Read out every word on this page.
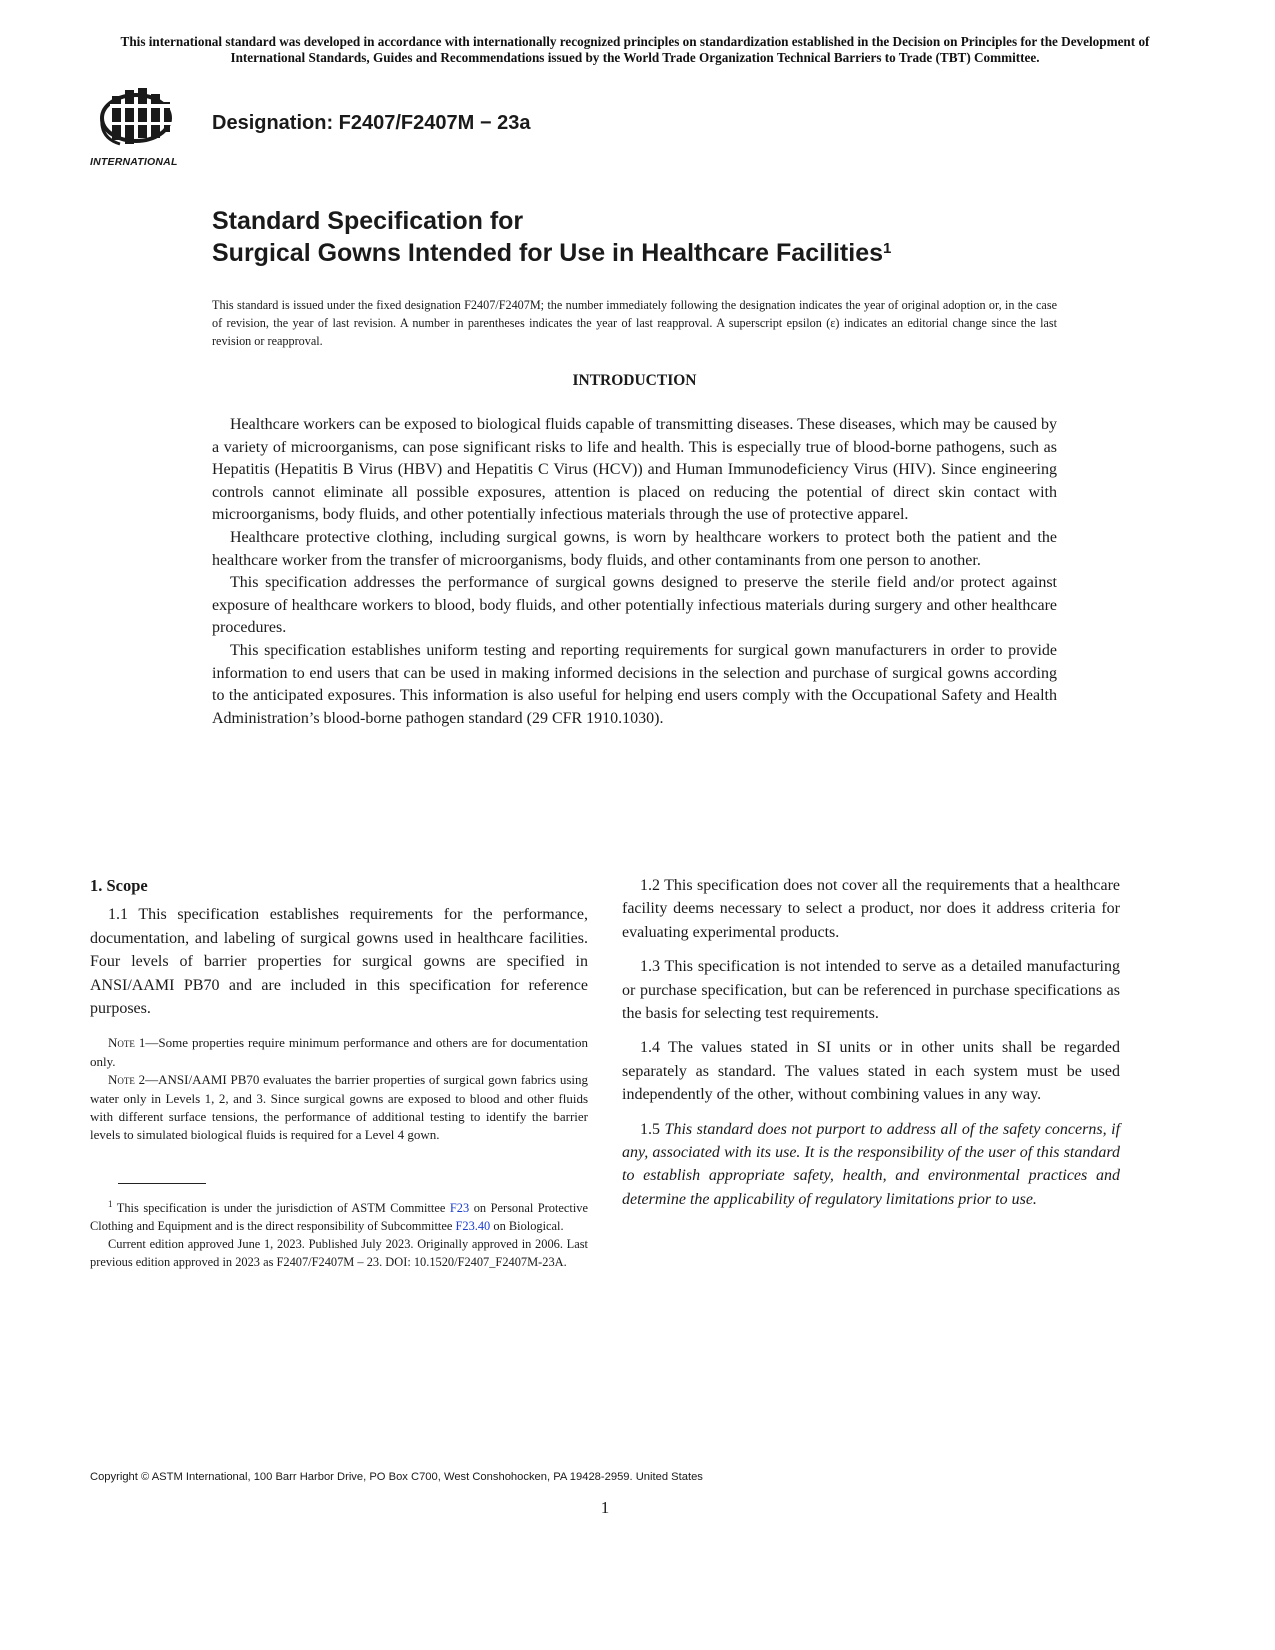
This international standard was developed in accordance with internationally recognized principles on standardization established in the Decision on Principles for the Development of International Standards, Guides and Recommendations issued by the World Trade Organization Technical Barriers to Trade (TBT) Committee.
INTERNATIONAL
Designation: F2407/F2407M − 23a
Standard Specification for
Surgical Gowns Intended for Use in Healthcare Facilities$^1$
This standard is issued under the fixed designation F2407/F2407M; the number immediately following the designation indicates the year of original adoption or, in the case of revision, the year of last revision. A number in parentheses indicates the year of last reapproval. A superscript epsilon (ε) indicates an editorial change since the last revision or reapproval.
INTRODUCTION

Healthcare workers can be exposed to biological fluids capable of transmitting diseases. These diseases, which may be caused by a variety of microorganisms, can pose significant risks to life and health. This is especially true of blood-borne pathogens, such as Hepatitis (Hepatitis B Virus (HBV) and Hepatitis C Virus (HCV)) and Human Immunodeficiency Virus (HIV). Since engineering controls cannot eliminate all possible exposures, attention is placed on reducing the potential of direct skin contact with microorganisms, body fluids, and other potentially infectious materials through the use of protective apparel.

Healthcare protective clothing, including surgical gowns, is worn by healthcare workers to protect both the patient and the healthcare worker from the transfer of microorganisms, body fluids, and other contaminants from one person to another.

This specification addresses the performance of surgical gowns designed to preserve the sterile field and/or protect against exposure of healthcare workers to blood, body fluids, and other potentially infectious materials during surgery and other healthcare procedures.

This specification establishes uniform testing and reporting requirements for surgical gown manufacturers in order to provide information to end users that can be used in making informed decisions in the selection and purchase of surgical gowns according to the anticipated exposures. This information is also useful for helping end users comply with the Occupational Safety and Health Administration’s blood-borne pathogen standard (29 CFR 1910.1030).

1. Scope

1.1 This specification establishes requirements for the performance, documentation, and labeling of surgical gowns used in healthcare facilities. Four levels of barrier properties for surgical gowns are specified in ANSI/AAMI PB70 and are included in this specification for reference purposes.

Note 1—Some properties require minimum performance and others are for documentation only.

Note 2—ANSI/AAMI PB70 evaluates the barrier properties of surgical gown fabrics using water only in Levels 1, 2, and 3. Since surgical gowns are exposed to blood and other fluids with different surface tensions, the performance of additional testing to identify the barrier levels to simulated biological fluids is required for a Level 4 gown.

$^1$ This specification is under the jurisdiction of ASTM Committee F23 on Personal Protective Clothing and Equipment and is the direct responsibility of Subcommittee F23.40 on Biological.

Current edition approved June 1, 2023. Published July 2023. Originally approved in 2006. Last previous edition approved in 2023 as F2407/F2407M – 23. DOI: 10.1520/F2407_F2407M-23A.

1.2 This specification does not cover all the requirements that a healthcare facility deems necessary to select a product, nor does it address criteria for evaluating experimental products.

1.3 This specification is not intended to serve as a detailed manufacturing or purchase specification, but can be referenced in purchase specifications as the basis for selecting test requirements.

1.4 The values stated in SI units or in other units shall be regarded separately as standard. The values stated in each system must be used independently of the other, without combining values in any way.

1.5 This standard does not purport to address all of the safety concerns, if any, associated with its use. It is the responsibility of the user of this standard to establish appropriate safety, health, and environmental practices and determine the applicability of regulatory limitations prior to use.

Copyright © ASTM International, 100 Barr Harbor Drive, PO Box C700, West Conshohocken, PA 19428-2959. United States
1
